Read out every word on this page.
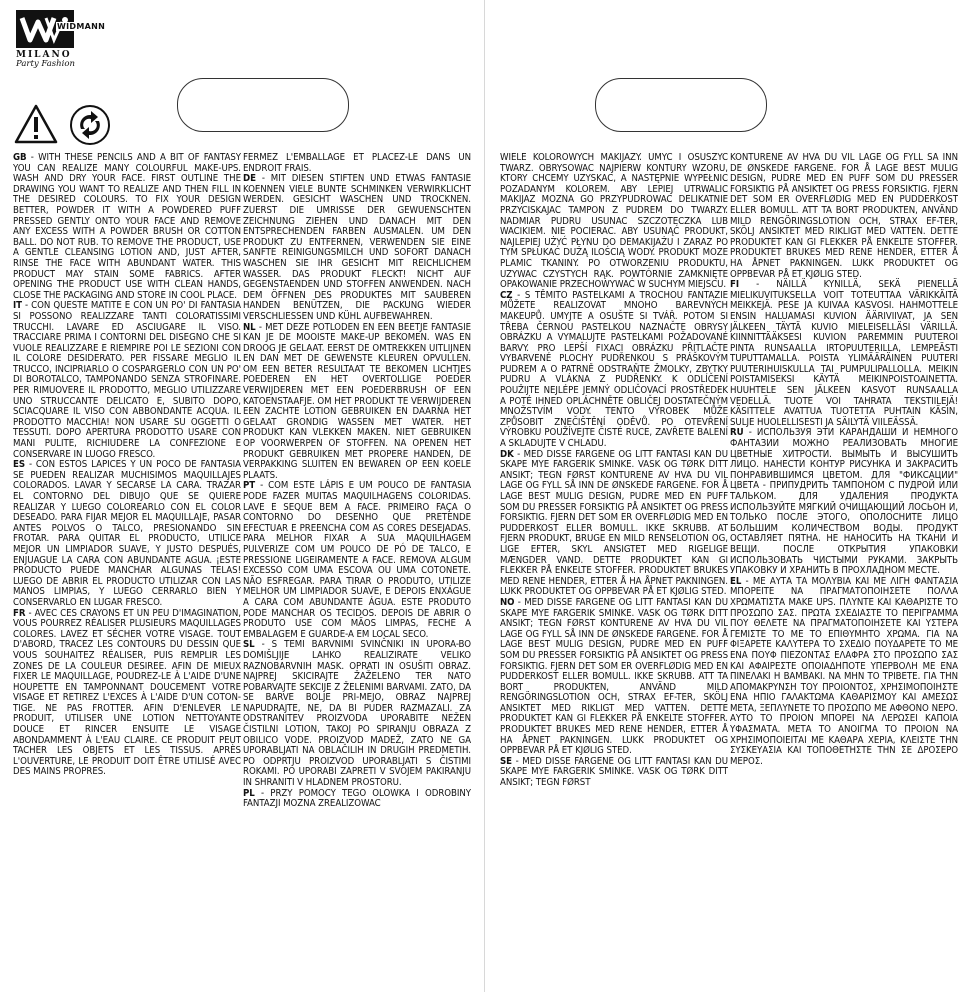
WIDMANN
MILANO
Party Fashion

GB - WITH THESE PENCILS AND A BIT OF FANTASY YOU CAN REALIZE MANY COLOURFUL MAKE-UPS. WASH AND DRY YOUR FACE. FIRST OUTLINE THE DRAWING YOU WANT TO REALIZE AND THEN FILL IN THE DESIRED COLOURS. TO FIX YOUR DESIGN BETTER, POWDER IT WITH A POWDERED PUFF PRESSED GENTLY ONTO YOUR FACE AND REMOVE ANY EXCESS WITH A POWDER BRUSH OR COTTON BALL. DO NOT RUB. TO REMOVE THE PRODUCT, USE A GENTLE CLEANSING LOTION AND, JUST AFTER, RINSE THE FACE WITH ABUNDANT WATER. THIS PRODUCT MAY STAIN SOME FABRICS. AFTER OPENING THE PRODUCT USE WITH CLEAN HANDS, CLOSE THE PACKAGING AND STORE IN COOL PLACE.

IT - CON QUESTE MATITE E CON UN PO' DI FANTASIA SI POSSONO REALIZZARE TANTI COLORATISSIMI TRUCCHI. LAVARE ED ASCIUGARE IL VISO. TRACCIARE PRIMA I CONTORNI DEL DISEGNO CHE SI VUOLE REALIZZARE E RIEMPIRE POI LE SEZIONI CON IL COLORE DESIDERATO. PER FISSARE MEGLIO IL TRUCCO, INCIPRIARLO O COSPARGERLO CON UN PO' DI BOROTALCO, TAMPONANDO SENZA STROFINARE. PER RIMUOVERE IL PRODOTTO, MEGLIO UTILIZZARE UNO STRUCCANTE DELICATO E, SUBITO DOPO, SCIACQUARE IL VISO CON ABBONDANTE ACQUA. IL PRODOTTO MACCHIA! NON USARE SU OGGETTI O TESSUTI. DOPO APERTURA PRODOTTO USARE CON MANI PULITE, RICHIUDERE LA CONFEZIONE E CONSERVARE IN LUOGO FRESCO.

ES - CON ESTOS LAPICES Y UN POCO DE FANTASIA SE PUEDEN REALIZAR MUCHISIMOS MAQUILLAJES COLORADOS. LAVAR Y SECARSE LA CARA. TRAZAR EL CONTORNO DEL DIBUJO QUE SE QUIERE REALIZAR Y LUEGO COLOREARLO CON EL COLOR DESEADO. PARA FIJAR MEJOR EL MAQUILLAJE, PASAR ANTES POLVOS O TALCO, PRESIONANDO SIN FROTAR. PARA QUITAR EL PRODUCTO, UTILICE MEJOR UN LIMPIADOR SUAVE, Y JUSTO DESPUÉS, ENJUAGUE LA CARA CON ABUNDANTE AGUA. ¡ESTE PRODUCTO PUEDE MANCHAR ALGUNAS TELAS! LUEGO DE ABRIR EL PRODUCTO UTILIZAR CON LAS MANOS LIMPIAS, Y LUEGO CERRARLO BIEN Y CONSERVARLO EN LUGAR FRESCO.

FR - AVEC CES CRAYONS ET UN PEU D'IMAGINATION, VOUS POURREZ RÉALISER PLUSIEURS MAQUILLAGES COLORES. LAVEZ ET SÉCHER VOTRE VISAGE. TOUT D'ABORD, TRACEZ LES CONTOURS DU DESSIN QUE VOUS SOUHAITEZ RÉALISER, PUIS REMPLIR LES ZONES DE LA COULEUR DESIREE. AFIN DE MIEUX FIXER LE MAQUILLAGE, POUDREZ-LE À L'AIDE D'UNE HOUPETTE EN TAMPONNANT DOUCEMENT VOTRE VISAGE ET RETIREZ L'EXCES À L'AIDE D'UN COTON-TIGE. NE PAS FROTTER. AFIN D'ENLEVER LE PRODUIT, UTILISER UNE LOTION NETTOYANTE DOUCE ET RINCER ENSUITE LE VISAGE ABONDAMMENT À L'EAU CLAIRE. CE PRODUIT PEUT TACHER LES OBJETS ET LES TISSUS. APRÈS L'OUVERTURE, LE PRODUIT DOIT ÊTRE UTILISÉ AVEC DES MAINS PROPRES.

FERMEZ L'EMBALLAGE ET PLACEZ-LE DANS UN ENDROIT FRAIS.

DE - MIT DIESEN STIFTEN UND ETWAS FANTASIE KOENNEN VIELE BUNTE SCHMINKEN VERWIRKLICHT WERDEN. GESICHT WASCHEN UND TROCKNEN. ZUERST DIE UMRISSE DER GEWUENSCHTEN ZEICHNUNG ZIEHEN UND DANACH MIT DEN ENTSPRECHENDEN FARBEN AUSMALEN. UM DEN PRODUKT ZU ENTFERNEN, VERWENDEN SIE EINE SANFTE REINIGUNGSMILCH UND SOFORT DANACH WASCHEN SIE IHR GESICHT MIT REICHLICHEM WASSER. DAS PRODUKT FLECKT! NICHT AUF GEGENSTAENDEN UND STOFFEN ANWENDEN. NACH DEM ÖFFNEN DES PRODUKTES MIT SAUBEREN HANDEN BENÜTZEN, DIE PACKUNG WIEDER VERSCHLIESSEN UND KÜHL AUFBEWAHREN.

NL - MET DEZE POTLODEN EN EEN BEETJE FANTASIE KAN JE DE MOOISTE MAKE-UP BEKOMEN. WAS EN DROOG JE GELAAT. EERST DE OMTREKKEN UITLIJNEN EN DAN MET DE GEWENSTE KLEUREN OPVULLEN. OM EEN BETER RESULTAAT TE BEKOMEN LICHTJES POEDEREN EN HET OVERTOLLIGE POEDER VERWIJDEREN MET EEN POEDERBRUSH OF EEN KATOENSTAAFJE. OM HET PRODUKT TE VERWIJDEREN EEN ZACHTE LOTION GEBRUIKEN EN DAARNA HET GELAAT GRONDIG WASSEN MET WATER. HET PRODUKT KAN VLEKKEN MAKEN. NIET GEBRUIKEN OP VOORWERPEN OF STOFFEN. NA OPENEN HET PRODUKT GEBRUIKEN MET PROPERE HANDEN, DE VERPAKKING SLUITEN EN BEWAREN OP EEN KOELE PLAATS.

PT - COM ESTE LÁPIS E UM POUCO DE FANTASIA PODE FAZER MUITAS MAQUILHAGENS COLORIDAS. LAVE E SEQUE BEM A FACE. PRIMEIRO FAÇA O CONTORNO DO DESENHO QUE PRETENDE EFECTUAR E PREENCHA COM AS CORES DESEJADAS. PARA MELHOR FIXAR A SUA MAQUILHAGEM PULVERIZE COM UM POUCO DE PÓ DE TALCO, E PRESSIONE LIGEIRAMENTE A FACE. REMOVA ALGUM EXCESSO COM UMA ESCOVA OU UMA COTONETE. NÃO ESFREGAR. PARA TIRAR O PRODUTO, UTILIZE MELHOR UM LIMPIADOR SUAVE, E DEPOIS ENXÁGUE A CARA COM ABUNDANTE ÁGUA. ESTE PRODUTO PODE MANCHAR OS TECIDOS. DEPOIS DE ABRIR O PRODUTO USE COM MÃOS LIMPAS, FECHE A EMBALAGEM E GUARDE-A EM LOCAL SECO.

SL - S TEMI BARVNIMI SVINČNIKI IN UPORA-BO DOMIŠLJIJE LAHKO REALIZIRATE VELIKO RAZNOBARVNIH MASK. OPRATI IN OSUŠITI OBRAZ. NAJPREJ SKICIRAJTE ŽAŽELENO TER NATO POBARVAJTE SEKCIJE Z ŽELENIMI BARVAMI. ZATO, DA SE BARVE BOLJE PRI-MEJO, OBRAZ NAJPREJ NAPUDRAJTE, NE, DA BI PUDER RAZMAZALI. ZA ODSTRANITEV PROIZVODA UPORABITE NEŽEN ČISTILNI LOTION, TAKOJ PO SPIRANJU OBRAZA Z OBILICO VODE. PROIZVOD MADEŽ, ZATO NE GA UPORABLJATI NA OBLAČILIH IN DRUGIH PREDMETIH. PO ODPRTJU PROIZVOD UPORABLJATI S ČISTIMI ROKAMI. PO UPORABI ZAPRETI V SVOJEM PAKIRANJU IN SHRANITI V HLADNEM PROSTORU.

PL - PRZY POMOCY TEGO OLOWKA I ODROBINY FANTAZJI MOZNA ZREALIZOWAC

WIELE KOLOROWYCH MAKIJAZY. UMYC I OSUSZYC TWARZ. OBRYSOWAC NAJPIERW KONTURY WZORU, KTORY CHCEMY UZYSKAC, A NASTĘPNIE WYPEŁNIC POZADANYM KOLOREM. ABY LEPIEJ UTRWALIC MAKIJAZ MOZNA GO PRZYPUDROWAC DELIKATNIE PRZYCISKAJAC TAMPON Z PUDREM DO TWARZY. NADMIAR PUDRU USUNAC SZCZOTECZKA LUB WACIKIEM. NIE POCIERAC. ABY USUNĄĆ PRODUKT, NAJLEPIEJ UŻYĆ PŁYNU DO DEMAKIJAŻU I ZARAZ PO TYM SPŁUKAĆ DUŻĄ ILOŚCIĄ WODY. PRODUKT MOZE PLAMIC TKANINY. PO OTWORZENIU PRODUKTU, UZYWAC CZYSTYCH RĄK. POWTÓRNIE ZAMKNIĘTE OPAKOWANIE PRZECHOWYWAĆ W SUCHYM MIEJSCU.

CZ - S TĚMITO PASTELKAMI A TROCHOU FANTAZIE MŮŽETE REALIZOVAT MNOHO BAREVNÝCH MAKEUPŮ. UMYJTE A OSUŠTE SI TVÁŘ. POTOM SI TŘEBA ČERNOU PASTELKOU NAZNAČTE OBRYSY OBRÁZKU A VYMALUJTE PASTELKAMI POŽADOVANÉ BARVY. PRO LEPŠÍ FIXACI OBRÁZKU PŘITLAČTE VYBARVENÉ PLOCHY PUDŘENKOU S PRÁŠKOVÝM PUDREM A O PATRNĚ ODSTRAŇTE ŽMOLKY, ZBYTKY PUDRU A VLÁKNA Z PUDŘENKY. K ODLÍČENÍ POUŽIJTE NEJLÉPE JEMNÝ ODLIČOVACÍ PROSTŘEDEK A POTÉ IHNED OPLÁCHNĚTE OBLIČEJ DOSTATEČNÝM MNOŽSTVÍM VODY. TENTO VÝROBEK MŮŽE ZPŮSOBIT ZNEČIŠTĚNÍ ODĚVŮ. PO OTEVŘENÍ VÝROBKU POUŽÍVEJTE ČISTÉ RUCE, ZAVŘETE BALENÍ A SKLADUJTE V CHLADU.

DK - MED DISSE FARGENE OG LITT FANTASI KAN DU SKAPE MYE FARGERIK SMINKE. VASK OG TØRK DITT ANSIKT; TEGN FØRST KONTURENE AV HVA DU VIL LAGE OG FYLL SÅ INN DE ØNSKEDE FARGENE. FOR Å LAGE BEST MULIG DESIGN, PUDRE MED EN PUFF SOM DU PRESSER FORSIKTIG PÅ ANSIKTET OG PRESS FORSIKTIG. FJERN DET SOM ER OVERFLØDIG MED EN PUDDERKOST ELLER BOMULL. IKKE SKRUBB. AT FJERN PRODUKT, BRUGE EN MILD RENSELOTION OG, LIGE EFTER, SKYL ANSIGTET MED RIGELIGE MÆNGDER VAND. DETTE PRODUKTET KAN GI FLEKKER PÅ ENKELTE STOFFER. PRODUKTET BRUKES MED RENE HENDER, ETTER Å HA ÅPNET PAKNINGEN. LUKK PRODUKTET OG OPPBEVAR PÅ ET KJØLIG STED.

NO - MED DISSE FARGENE OG LITT FANTASI KAN DU SKAPE MYE FARGERIK SMINKE. VASK OG TØRK DITT ANSIKT; TEGN FØRST KONTURENE AV HVA DU VIL LAGE OG FYLL SÅ INN DE ØNSKEDE FARGENE. FOR Å LAGE BEST MULIG DESIGN, PUDRE MED EN PUFF SOM DU PRESSER FORSIKTIG PÅ ANSIKTET OG PRESS FORSIKTIG. FJERN DET SOM ER OVERFLØDIG MED EN PUDDERKOST ELLER BOMULL. IKKE SKRUBB. ATT TA BORT PRODUKTEN, ANVÄND MILD RENGÖRINGSLOTION OCH, STRAX EF-TER, SKÖLJ ANSIKTET MED RIKLIGT MED VATTEN. DETTE PRODUKTET KAN GI FLEKKER PÅ ENKELTE STOFFER. PRODUKTET BRUKES MED RENE HENDER, ETTER Å HA ÅPNET PAKNINGEN. LUKK PRODUKTET OG OPPBEVAR PÅ ET KJØLIG STED.

SE - MED DISSE FARGENE OG LITT FANTASI KAN DU SKAPE MYE FARGERIK SMINKE. VASK OG TØRK DITT ANSIKT; TEGN FØRST

KONTURENE AV HVA DU VIL LAGE OG FYLL SÅ INN DE ØNSKEDE FARGENE. FOR Å LAGE BEST MULIG DESIGN, PUDRE MED EN PUFF SOM DU PRESSER FORSIKTIG PÅ ANSIKTET OG PRESS FORSIKTIG. FJERN DET SOM ER OVERFLØDIG MED EN PUDDERKOST ELLER BOMULL. ATT TA BORT PRODUKTEN, ANVÄND MILD RENGÖRINGSLOTION OCH, STRAX EF-TER, SKÖLJ ANSIKTET MED RIKLIGT MED VATTEN. DETTE PRODUKTET KAN GI FLEKKER PÅ ENKELTE STOFFER. PRODUKTET BRUKES MED RENE HENDER, ETTER Å HA ÅPNET PAKNINGEN. LUKK PRODUKTET OG OPPBEVAR PÅ ET KJØLIG STED.

FI - NÄILLÄ KYNILLÄ, SEKÄ PIENELLÄ MIELIKUVITUKSELLA VOIT TOTEUTTAA VÄRIKKÄITÄ MEIKKEJÄ. PESE JA KUIVAA KASVOSI. HAHMOTTELE ENSIN HALUAMASI KUVION ÄÄRIVIIVAT, JA SEN JÄLKEEN TÄYTÄ KUVIO MIELEISELLÄSI VÄRILLÄ. KIINNITTÄÄKSESI KUVION PAREMMIN PUUTEROI PINTA RUNSAALLA IRTOPUUTERILLA, LEMPEÄSTI TUPUTTAMALLA. POISTA YLIMÄÄRÄINEN PUUTERI PUUTERIHUISKULLA TAI PUMPULIPALLOLLA. MEIKIN POISTAMISEKSI KÄYTÄ MEIKINPOISTOAINETTA. HUUHTELE SEN JÄLKEEN KASVOT RUNSAALLA VEDELLÄ. TUOTE VOI TAHRATA TEKSTIILEJÄ! KÄSITTELE AVATTUA TUOTETTA PUHTAIN KÄSIN, SULJE HUOLELLISESTI JA SÄILYTÄ VIILEÄSSÄ.

RU - ИСПОЛЬЗУЯ ЭТИ КАРАНДАШИ И НЕМНОГО ФАНТАЗИИ МОЖНО РЕАЛИЗОВАТЬ МНОГИЕ ЦВЕТНЫЕ ХИТРОСТИ. ВЫМЫТЬ И ВЫСУШИТЬ ЛИЦО. НАНЕСТИ КОНТУР РИСУНКА И ЗАКРАСИТЬ ПОНРАВИВШИМСЯ ЦВЕТОМ. ДЛЯ "ФИКСАЦИИ" ЦВЕТА - ПРИПУДРИТЬ ТАМПОНОМ С ПУДРОЙ ИЛИ ТАЛЬКОМ. ДЛЯ УДАЛЕНИЯ ПРОДУКТА ИСПОЛЬЗУЙТЕ МЯГКИЙ ОЧИЩАЮЩИЙ ЛОСЬОН И, ТОЛЬКО ПОСЛЕ ЭТОГО, ОПОЛОСНИТЕ ЛИЦО БОЛЬШИМ КОЛИЧЕСТВОМ ВОДЫ. ПРОДУКТ ОСТАВЛЯЕТ ПЯТНА. НЕ НАНОСИТЬ НА ТКАНИ И ВЕЩИ. ПОСЛЕ ОТКРЫТИЯ УПАКОВКИ ИСПОЛЬЗОВАТЬ ЧИСТЫМИ РУКАМИ. ЗАКРЫТЬ УПАКОВКУ И ХРАНИТЬ В ПРОХЛАДНОМ МЕСТЕ.

EL - ΜΕ ΑΥΤΑ ΤΑ ΜΟΛΥΒΙΑ ΚΑΙ ΜΕ ΛΙΓΗ ΦΑΝΤΑΣΙΑ ΜΠΟΡΕΙΤΕ ΝΑ ΠΡΑΓΜΑΤΟΠΟΙΗΣΕΤΕ ΠΟΛΛΑ ΧΡΩΜΑΤΙΣΤΑ MAKE UPS. ΠΛΥΝΤΕ ΚΑΙ ΚΑΘΑΡΙΣΤΕ ΤΟ ΠΡΟΣΩΠΟ ΣΑΣ. ΠΡΩΤΑ ΣΧΕΔΙΑΣΤΕ ΤΟ ΠΕΡΙΓΡΑΜΜΑ ΠΟΥ ΘΕΛΕΤΕ ΝΑ ΠΡΑΓΜΑΤΟΠΟΙΗΣΕΤΕ ΚΑΙ ΥΣΤΕΡΑ ΓΕΜΙΣΤΕ ΤΟ ΜΕ ΤΟ ΕΠΙΘΥΜΗΤΟ ΧΡΩΜΑ. ΓΙΑ ΝΑ ΦΙΞΑΡΕΤΕ ΚΑΛΥΤΕΡΑ ΤΟ ΣΧΕΔΙΟ ΠΟΥΔΑΡΕΤΕ ΤΟ ΜΕ ΕΝΑ ΠΟΥΦ ΠΙΕΖΟΝΤΑΣ ΕΛΑΦΡΑ ΣΤΟ ΠΡΟΣΩΠΟ ΣΑΣ ΚΑΙ ΑΦΑΙΡΕΣΤΕ ΟΠΟΙΑΔΗΠΟΤΕ ΥΠΕΡΒΟΛΗ ΜΕ ΕΝΑ ΠΙΝΕΛΑΚΙ Η ΒΑΜΒΑΚΙ. ΝΑ ΜΗΝ ΤΟ ΤΡΙΒΕΤΕ. ΓΙΑ ΤΗΝ ΑΠΟΜΑΚΡΥΝΣΗ ΤΟΥ ΠΡΟΙΟΝΤΟΣ, ΧΡΗΣΙΜΟΠΟΙΗΣΤΕ ΕΝΑ ΗΠΙΟ ΓΑΛΑΚΤΩΜΑ ΚΑΘΑΡΙΣΜΟΥ ΚΑΙ ΑΜΕΣΩΣ ΜΕΤΑ, ΞΕΠΛΥΝΕΤΕ ΤΟ ΠΡΟΣΩΠΟ ΜΕ ΑΦΘΟΝΟ ΝΕΡΟ. ΑΥΤΟ ΤΟ ΠΡΟΙΟΝ ΜΠΟΡΕΙ ΝΑ ΛΕΡΩΣΕΙ ΚΑΠΟΙΑ ΥΦΑΣΜΑΤΑ. ΜΕΤΑ ΤΟ ΑΝΟΙΓΜΑ ΤΟ ΠΡΟΙΟΝ ΝΑ ΧΡΗΣΙΜΟΠΟΙΕΙΤΑΙ ΜΕ ΚΑΘΑΡΑ ΧΕΡΙΑ, ΚΛΕΙΣΤΕ ΤΗΝ ΣΥΣΚΕΥΑΣΙΑ ΚΑΙ ΤΟΠΟΘΕΤΗΣΤΕ ΤΗΝ ΣΕ ΔΡΟΣΕΡΟ ΜΕΡΟΣ.
